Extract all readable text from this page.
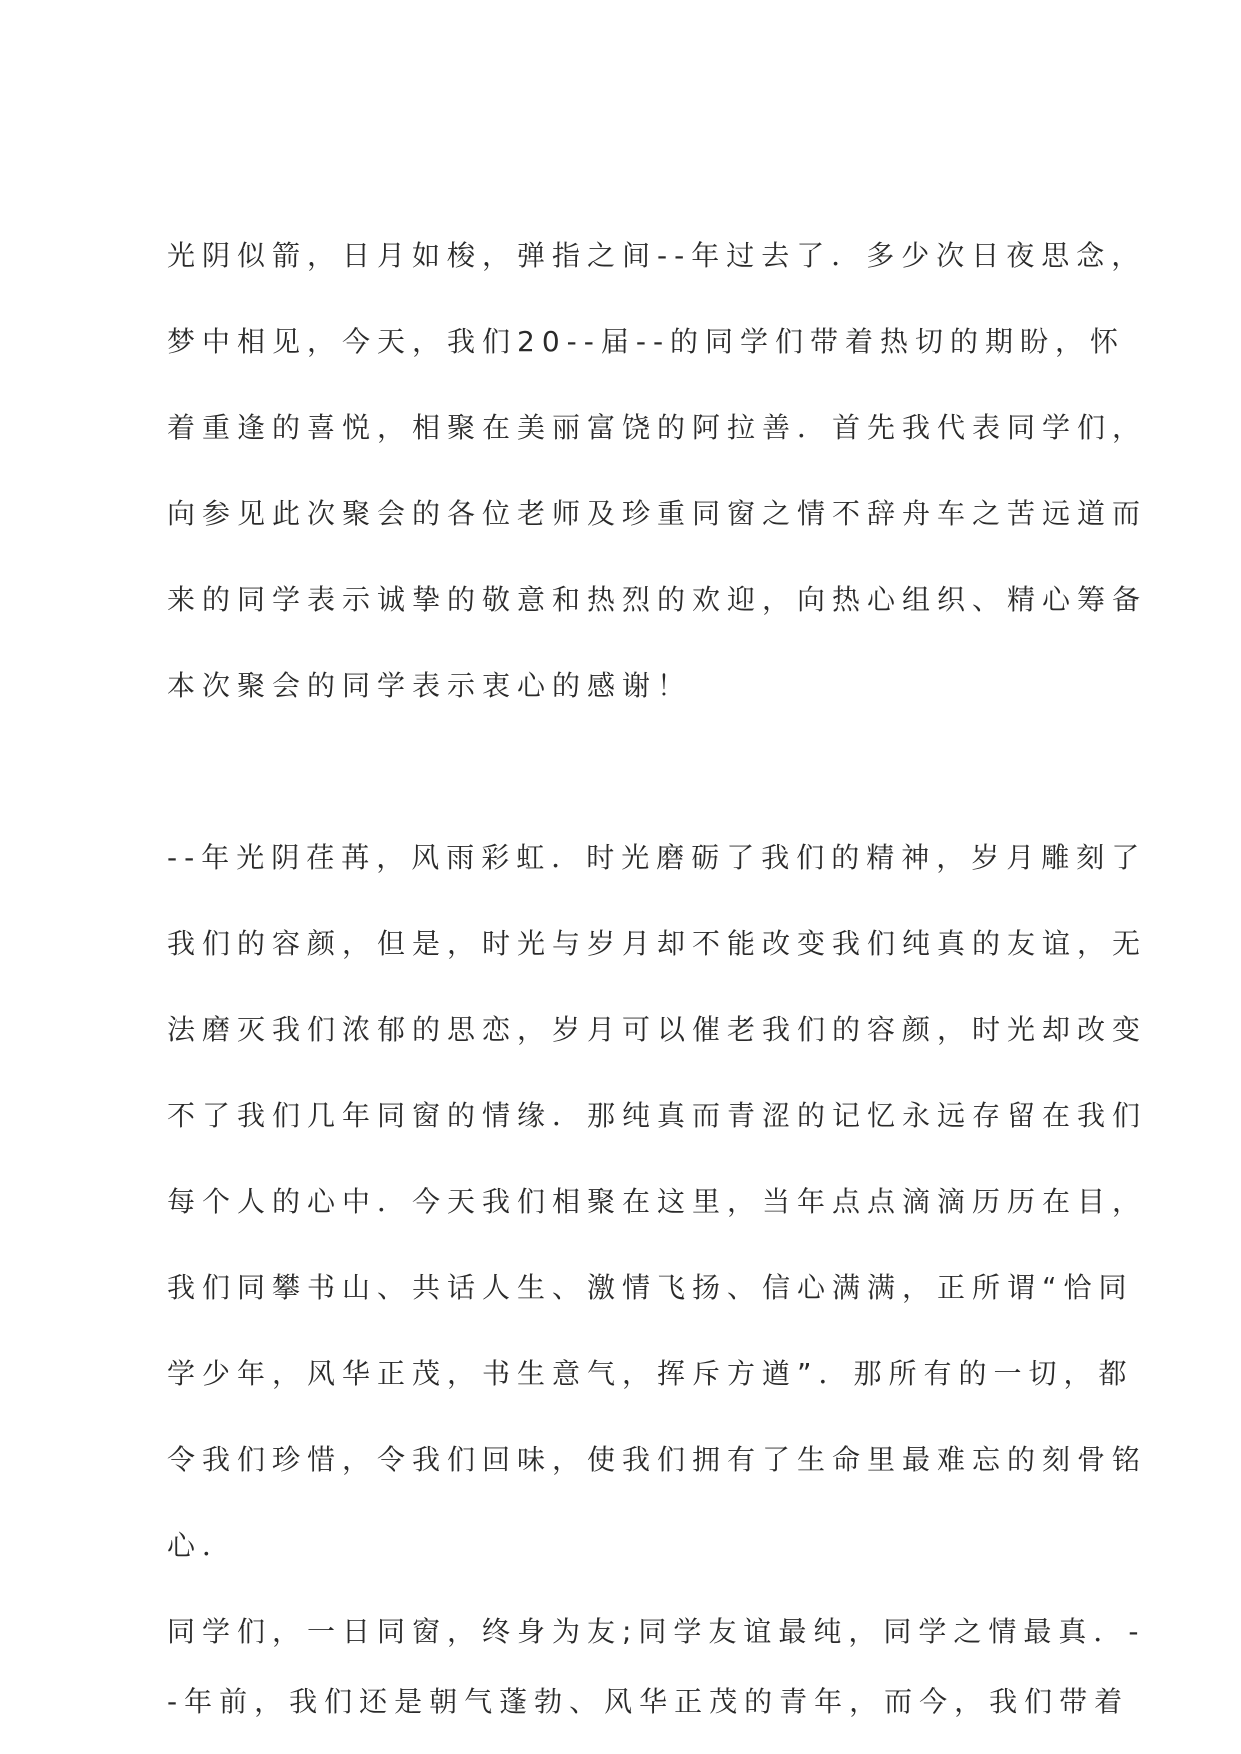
光阴似箭，日月如梭，弹指之间--年过去了．多少次日夜思念，

梦中相见，今天，我们20--届--的同学们带着热切的期盼，怀

着重逢的喜悦，相聚在美丽富饶的阿拉善．首先我代表同学们，

向参见此次聚会的各位老师及珍重同窗之情不辞舟车之苦远道而

来的同学表示诚挚的敬意和热烈的欢迎，向热心组织、精心筹备

本次聚会的同学表示衷心的感谢！

--年光阴荏苒，风雨彩虹．时光磨砺了我们的精神，岁月雕刻了

我们的容颜，但是，时光与岁月却不能改变我们纯真的友谊，无

法磨灭我们浓郁的思恋，岁月可以催老我们的容颜，时光却改变

不了我们几年同窗的情缘．那纯真而青涩的记忆永远存留在我们

每个人的心中．今天我们相聚在这里，当年点点滴滴历历在目，

我们同攀书山、共话人生、激情飞扬、信心满满，正所谓“恰同

学少年，风华正茂，书生意气，挥斥方遒”．那所有的一切，都

令我们珍惜，令我们回味，使我们拥有了生命里最难忘的刻骨铭

心．

同学们，一日同窗，终身为友;同学友谊最纯，同学之情最真．-

-年前，我们还是朝气蓬勃、风华正茂的青年，而今，我们带着
